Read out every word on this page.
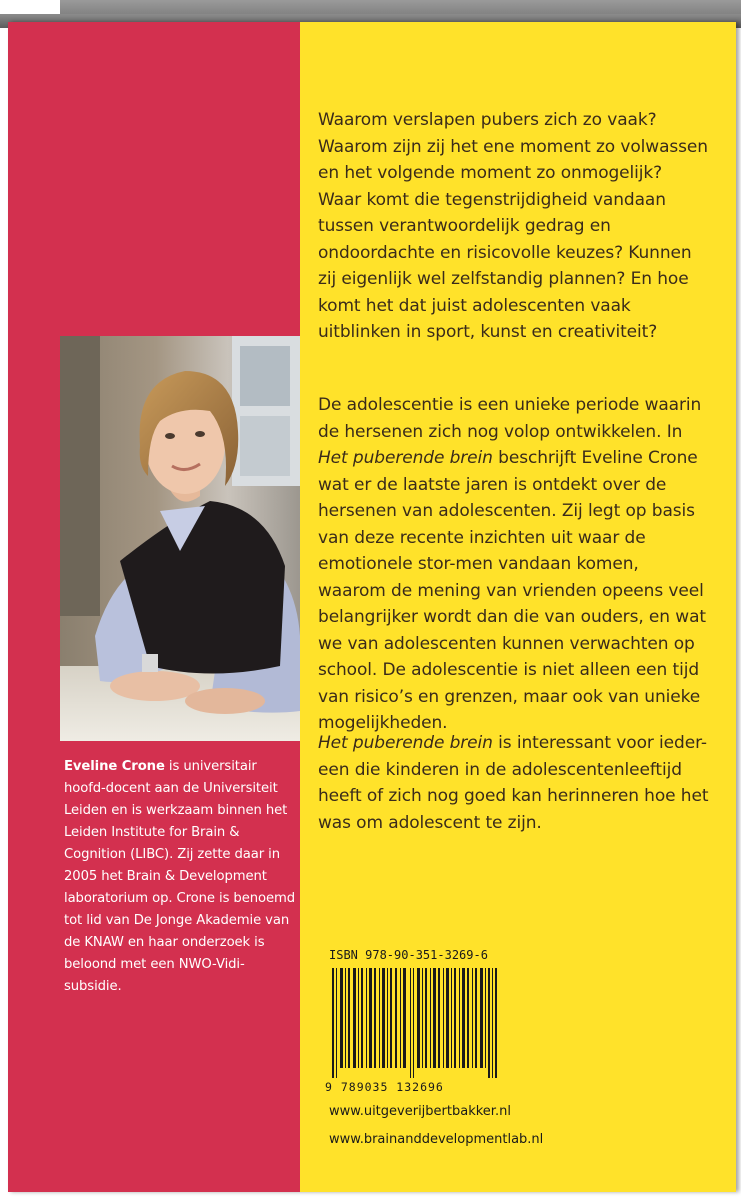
Waarom verslapen pubers zich zo vaak? Waarom zijn zij het ene moment zo volwassen en het volgende moment zo onmogelijk? Waar komt die tegenstrijdigheid vandaan tussen verantwoordelijk gedrag en ondoordachte en risicovolle keuzes? Kunnen zij eigenlijk wel zelfstandig plannen? En hoe komt het dat juist adolescenten vaak uitblinken in sport, kunst en creativiteit?

De adolescentie is een unieke periode waarin de hersenen zich nog volop ontwikkelen. In Het puberende brein beschrijft Eveline Crone wat er de laatste jaren is ontdekt over de hersenen van adolescenten. Zij legt op basis van deze recente inzichten uit waar de emotionele stor-men vandaan komen, waarom de mening van vrienden opeens veel belangrijker wordt dan die van ouders, en wat we van adolescenten kunnen verwachten op school. De adolescentie is niet alleen een tijd van risico’s en grenzen, maar ook van unieke mogelijkheden.

Het puberende brein is interessant voor ieder-een die kinderen in de adolescentenleeftijd heeft of zich nog goed kan herinneren hoe het was om adolescent te zijn.

Eveline Crone is universitair hoofd-docent aan de Universiteit Leiden en is werkzaam binnen het Leiden Institute for Brain & Cognition (LIBC). Zij zette daar in 2005 het Brain & Development laboratorium op. Crone is benoemd tot lid van De Jonge Akademie van de KNAW en haar onderzoek is beloond met een NWO-Vidi-subsidie.

ISBN 978-90-351-3269-6
9 789035 132696
www.uitgeverijbertbakker.nl
www.brainanddevelopmentlab.nl
